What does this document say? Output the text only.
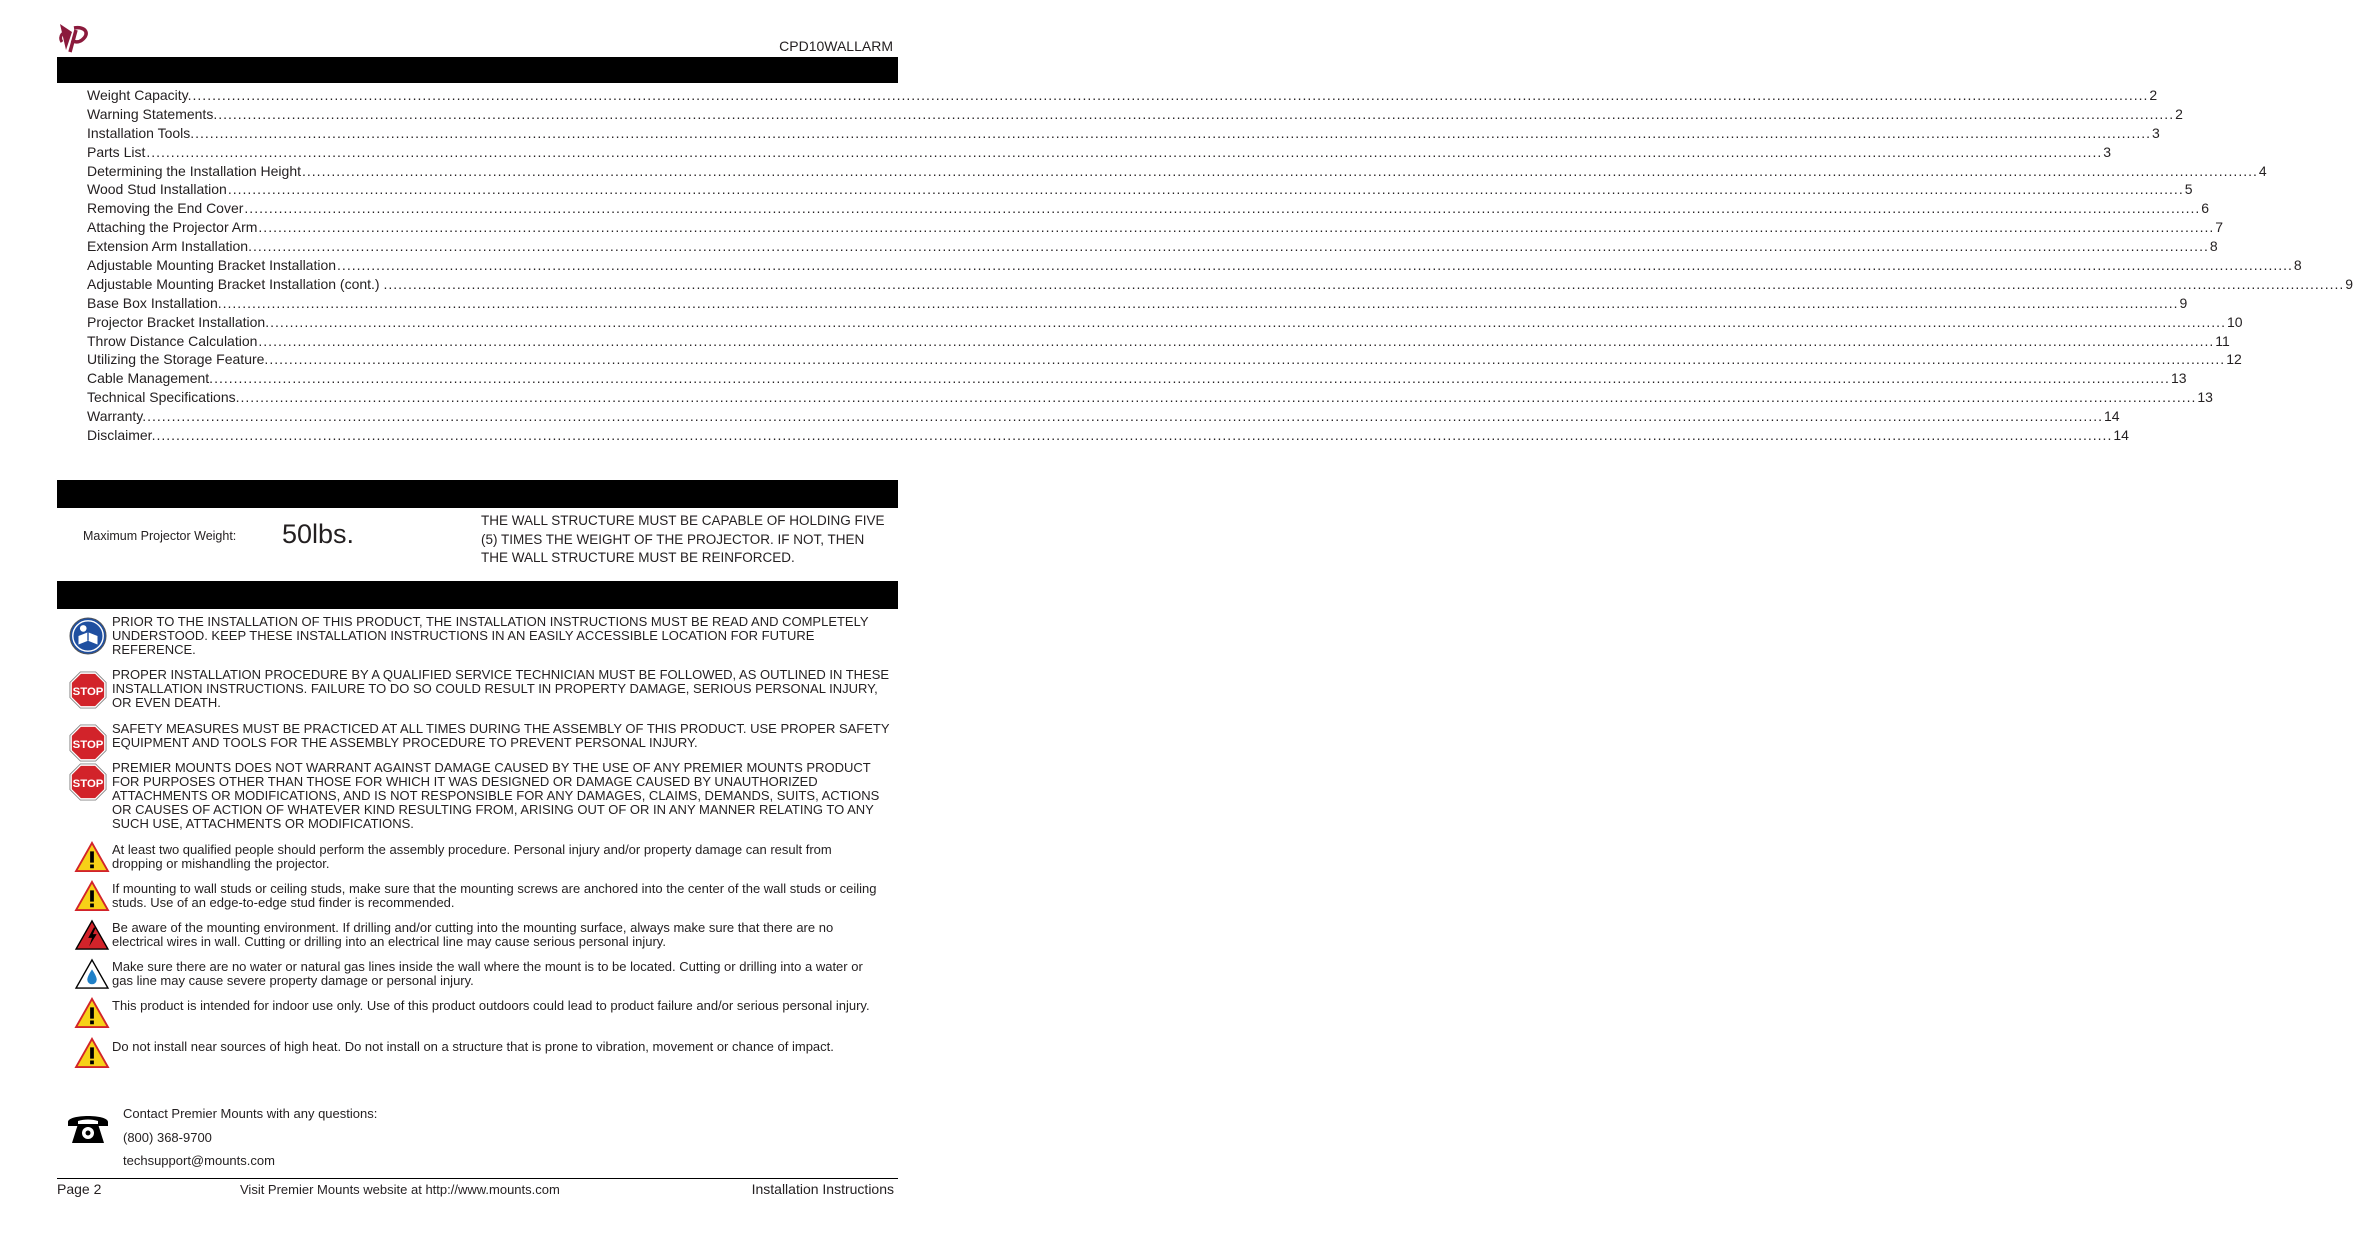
CPD10WALLARM
Weight Capacity. ................................................................................................................................................................................................................................................................................................................................................................................................................ 2
Warning Statements. ................................................................................................................................................................................................................................................................................................................................................................................................................ 2
Installation Tools. ................................................................................................................................................................................................................................................................................................................................................................................................................ 3
Parts List ................................................................................................................................................................................................................................................................................................................................................................................................................ 3
Determining the Installation Height ................................................................................................................................................................................................................................................................................................................................................................................................................ 4
Wood Stud Installation ................................................................................................................................................................................................................................................................................................................................................................................................................ 5
Removing the End Cover ................................................................................................................................................................................................................................................................................................................................................................................................................ 6
Attaching the Projector Arm ................................................................................................................................................................................................................................................................................................................................................................................................................ 7
Extension Arm Installation. ................................................................................................................................................................................................................................................................................................................................................................................................................ 8
Adjustable Mounting Bracket Installation ................................................................................................................................................................................................................................................................................................................................................................................................................ 8
Adjustable Mounting Bracket Installation (cont.) . ................................................................................................................................................................................................................................................................................................................................................................................................................ 9
Base Box Installation. ................................................................................................................................................................................................................................................................................................................................................................................................................ 9
Projector Bracket Installation. ................................................................................................................................................................................................................................................................................................................................................................................................................ 10
Throw Distance Calculation ................................................................................................................................................................................................................................................................................................................................................................................................................ 11
Utilizing the Storage Feature. ................................................................................................................................................................................................................................................................................................................................................................................................................ 12
Cable Management. ................................................................................................................................................................................................................................................................................................................................................................................................................ 13
Technical Specifications. ................................................................................................................................................................................................................................................................................................................................................................................................................ 13
Warranty. ................................................................................................................................................................................................................................................................................................................................................................................................................ 14
Disclaimer. ................................................................................................................................................................................................................................................................................................................................................................................................................ 14
Maximum Projector Weight: 50lbs.	THE WALL STRUCTURE MUST BE CAPABLE OF HOLDING FIVE (5) TIMES THE WEIGHT OF THE PROJECTOR. IF NOT, THEN THE WALL STRUCTURE MUST BE REINFORCED.
PRIOR TO THE INSTALLATION OF THIS PRODUCT, THE INSTALLATION INSTRUCTIONS MUST BE READ AND COMPLETELY UNDERSTOOD. KEEP THESE INSTALLATION INSTRUCTIONS IN AN EASILY ACCESSIBLE LOCATION FOR FUTURE REFERENCE.
STOP
PROPER INSTALLATION PROCEDURE BY A QUALIFIED SERVICE TECHNICIAN MUST BE FOLLOWED, AS OUTLINED IN THESE INSTALLATION INSTRUCTIONS. FAILURE TO DO SO COULD RESULT IN PROPERTY DAMAGE, SERIOUS PERSONAL INJURY, OR EVEN DEATH.
STOP
SAFETY MEASURES MUST BE PRACTICED AT ALL TIMES DURING THE ASSEMBLY OF THIS PRODUCT. USE PROPER SAFETY EQUIPMENT AND TOOLS FOR THE ASSEMBLY PROCEDURE TO PREVENT PERSONAL INJURY.
STOP
PREMIER MOUNTS DOES NOT WARRANT AGAINST DAMAGE CAUSED BY THE USE OF ANY PREMIER MOUNTS PRODUCT FOR PURPOSES OTHER THAN THOSE FOR WHICH IT WAS DESIGNED OR DAMAGE CAUSED BY UNAUTHORIZED ATTACHMENTS OR MODIFICATIONS, AND IS NOT RESPONSIBLE FOR ANY DAMAGES, CLAIMS, DEMANDS, SUITS, ACTIONS OR CAUSES OF ACTION OF WHATEVER KIND RESULTING FROM, ARISING OUT OF OR IN ANY MANNER RELATING TO ANY SUCH USE, ATTACHMENTS OR MODIFICATIONS.
At least two qualified people should perform the assembly procedure. Personal injury and/or property damage can result from dropping or mishandling the projector.
If mounting to wall studs or ceiling studs, make sure that the mounting screws are anchored into the center of the wall studs or ceiling studs. Use of an edge-to-edge stud finder is recommended.
Be aware of the mounting environment. If drilling and/or cutting into the mounting surface, always make sure that there are no electrical wires in wall. Cutting or drilling into an electrical line may cause serious personal injury.
Make sure there are no water or natural gas lines inside the wall where the mount is to be located. Cutting or drilling into a water or gas line may cause severe property damage or personal injury.
This product is intended for indoor use only. Use of this product outdoors could lead to product failure and/or serious personal injury.
Do not install near sources of high heat. Do not install on a structure that is prone to vibration, movement or chance of impact.
Contact Premier Mounts with any questions:
(800) 368-9700
techsupport@mounts.com
Page 2	Visit Premier Mounts website at http://www.mounts.com	Installation Instructions
